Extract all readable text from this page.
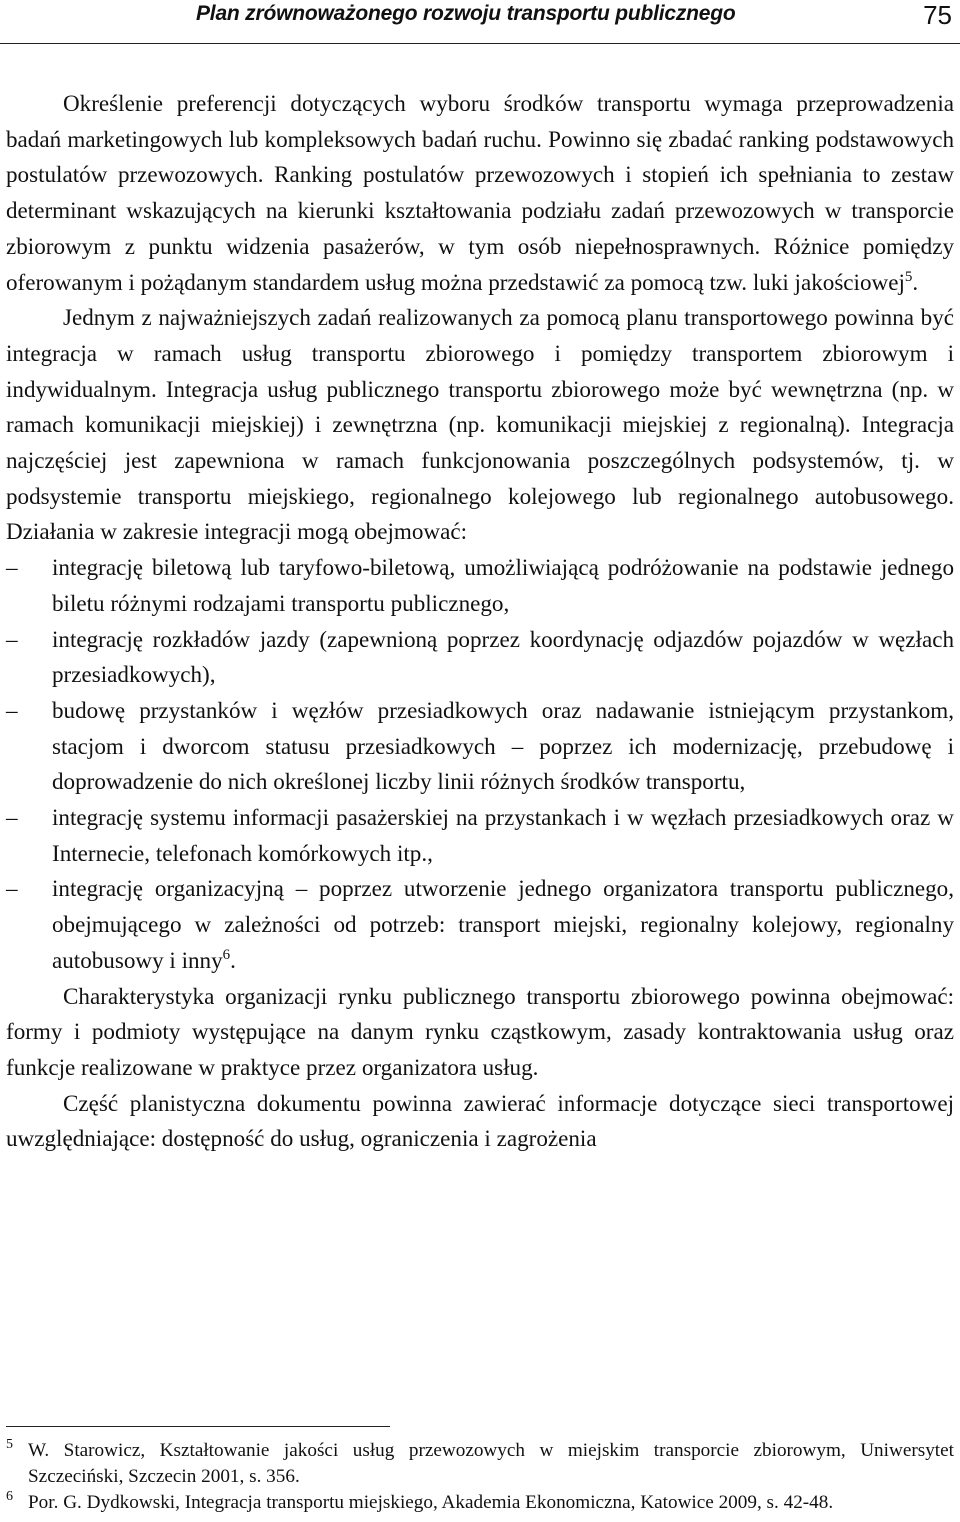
Plan zrównoważonego rozwoju transportu publicznego	75

Określenie preferencji dotyczących wyboru środków transportu wymaga przeprowadzenia badań marketingowych lub kompleksowych badań ruchu. Powinno się zbadać ranking podstawowych postulatów przewozowych. Ranking postulatów przewozowych i stopień ich spełniania to zestaw determinant wskazujących na kierunki kształtowania podziału zadań przewozowych w transporcie zbiorowym z punktu widzenia pasażerów, w tym osób niepełnosprawnych. Różnice pomiędzy oferowanym i pożądanym standardem usług można przedstawić za pomocą tzw. luki jakościowej$^5$.

Jednym z najważniejszych zadań realizowanych za pomocą planu transportowego powinna być integracja w ramach usług transportu zbiorowego i pomiędzy transportem zbiorowym i indywidualnym. Integracja usług publicznego transportu zbiorowego może być wewnętrzna (np. w ramach komunikacji miejskiej) i zewnętrzna (np. komunikacji miejskiej z regionalną). Integracja najczęściej jest zapewniona w ramach funkcjonowania poszczególnych podsystemów, tj. w podsystemie transportu miejskiego, regionalnego kolejowego lub regionalnego autobusowego. Działania w zakresie integracji mogą obejmować:

– integrację biletową lub taryfowo-biletową, umożliwiającą podróżowanie na podstawie jednego biletu różnymi rodzajami transportu publicznego,
– integrację rozkładów jazdy (zapewnioną poprzez koordynację odjazdów pojazdów w węzłach przesiadkowych),
– budowę przystanków i węzłów przesiadkowych oraz nadawanie istniejącym przystankom, stacjom i dworcom statusu przesiadkowych – poprzez ich modernizację, przebudowę i doprowadzenie do nich określonej liczby linii różnych środków transportu,
– integrację systemu informacji pasażerskiej na przystankach i w węzłach przesiadkowych oraz w Internecie, telefonach komórkowych itp.,
– integrację organizacyjną – poprzez utworzenie jednego organizatora transportu publicznego, obejmującego w zależności od potrzeb: transport miejski, regionalny kolejowy, regionalny autobusowy i inny$^6$.

Charakterystyka organizacji rynku publicznego transportu zbiorowego powinna obejmować: formy i podmioty występujące na danym rynku cząstkowym, zasady kontraktowania usług oraz funkcje realizowane w praktyce przez organizatora usług.

Część planistyczna dokumentu powinna zawierać informacje dotyczące sieci transportowej uwzględniające: dostępność do usług, ograniczenia i zagrożenia

5 W. Starowicz, Kształtowanie jakości usług przewozowych w miejskim transporcie zbiorowym, Uniwersytet Szczeciński, Szczecin 2001, s. 356.
6 Por. G. Dydkowski, Integracja transportu miejskiego, Akademia Ekonomiczna, Katowice 2009, s. 42-48.
